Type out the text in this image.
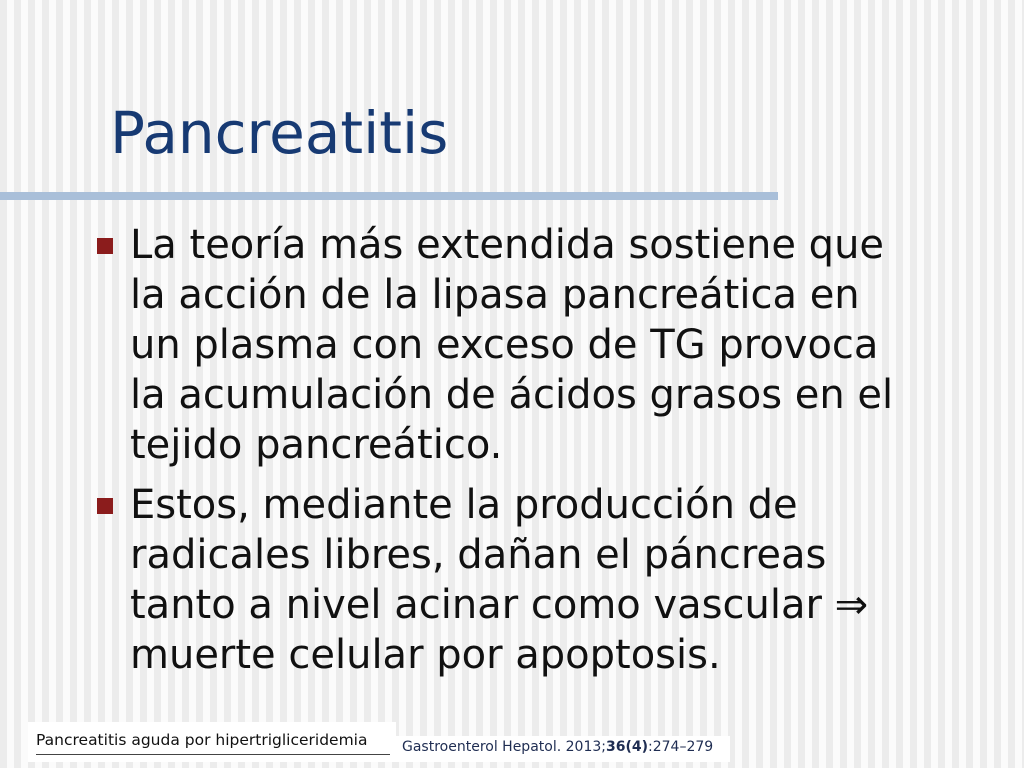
Pancreatitis
La teoría más extendida sostiene que
la acción de la lipasa pancreática en
un plasma con exceso de TG provoca
la acumulación de ácidos grasos en el
tejido pancreático.
Estos, mediante la producción de
radicales libres, dañan el páncreas
tanto a nivel acinar como vascular ⇒
muerte celular por apoptosis.
Pancreatitis aguda por hipertrigliceridemia	Gastroenterol Hepatol. 2013;36(4):274–279
